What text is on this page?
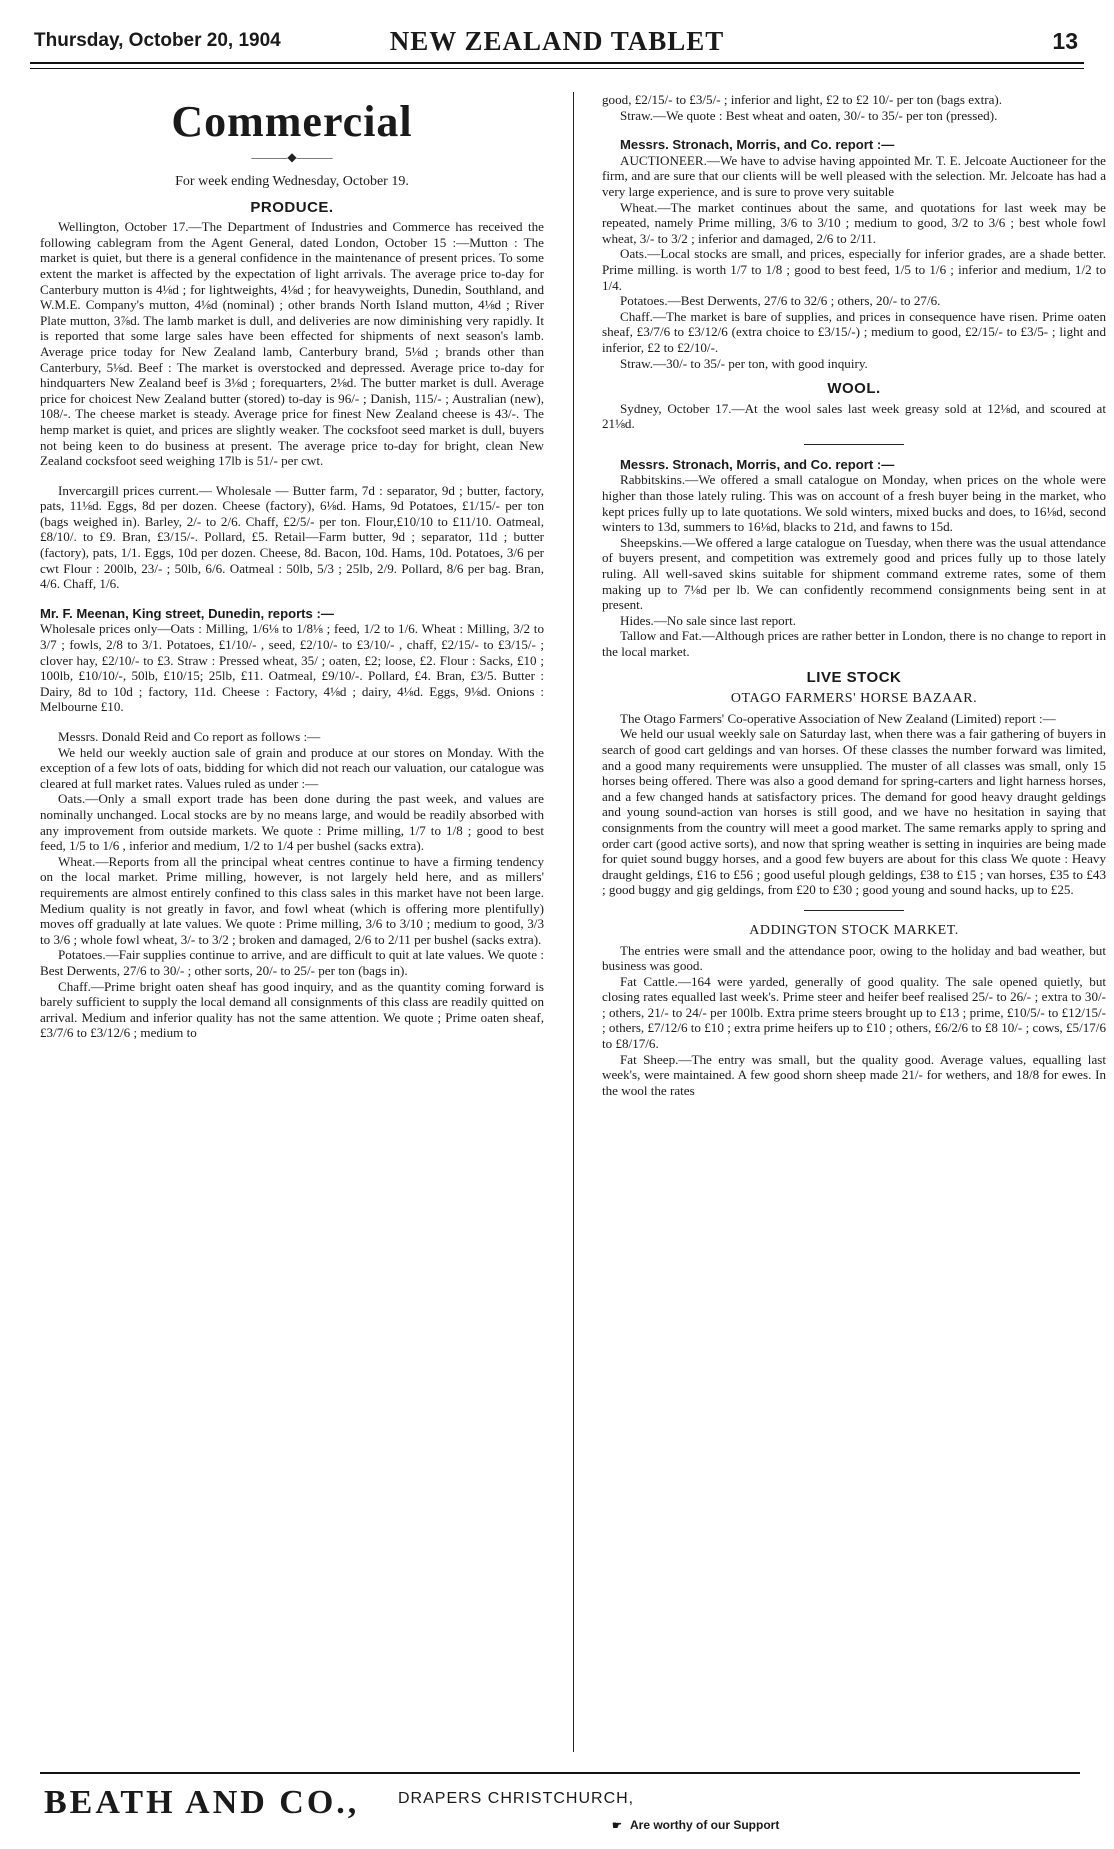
Thursday, October 20, 1904	NEW ZEALAND TABLET	13
Commercial
———◆———

For week ending Wednesday, October 19.

PRODUCE.

Wellington, October 17.—The Department of Industries and Commerce has received the following cablegram from the Agent General, dated London, October 15 :—Mutton : The market is quiet, but there is a general confidence in the maintenance of present prices. To some extent the market is affected by the expectation of light arrivals. The average price to-day for Canterbury mutton is 4⅛d ; for lightweights, 4⅛d ; for heavyweights, Dunedin, Southland, and W.M.E. Company's mutton, 4⅛d (nominal) ; other brands North Island mutton, 4⅛d ; River Plate mutton, 3⅞d. The lamb market is dull, and deliveries are now diminishing very rapidly. It is reported that some large sales have been effected for shipments of next season's lamb. Average price today for New Zealand lamb, Canterbury brand, 5⅛d ; brands other than Canterbury, 5⅛d. Beef : The market is overstocked and depressed. Average price to-day for hindquarters New Zealand beef is 3⅛d ; forequarters, 2⅛d. The butter market is dull. Average price for choicest New Zealand butter (stored) to-day is 96/- ; Danish, 115/- ; Australian (new), 108/-. The cheese market is steady. Average price for finest New Zealand cheese is 43/-. The hemp market is quiet, and prices are slightly weaker. The cocksfoot seed market is dull, buyers not being keen to do business at present. The average price to-day for bright, clean New Zealand cocksfoot seed weighing 17lb is 51/- per cwt.

Invercargill prices current.— Wholesale — Butter farm, 7d : separator, 9d ; butter, factory, pats, 11⅛d. Eggs, 8d per dozen. Cheese (factory), 6⅛d. Hams, 9d Potatoes, £1/15/- per ton (bags weighed in). Barley, 2/- to 2/6. Chaff, £2/5/- per ton. Flour,£10/10 to £11/10. Oatmeal, £8/10/. to £9. Bran, £3/15/-. Pollard, £5. Retail—Farm butter, 9d ; separator, 11d ; butter (factory), pats, 1/1. Eggs, 10d per dozen. Cheese, 8d. Bacon, 10d. Hams, 10d. Potatoes, 3/6 per cwt Flour : 200lb, 23/- ; 50lb, 6/6. Oatmeal : 50lb, 5/3 ; 25lb, 2/9. Pollard, 8/6 per bag. Bran, 4/6. Chaff, 1/6.

Mr. F. Meenan, King street, Dunedin, reports :—

Wholesale prices only—Oats : Milling, 1/6⅛ to 1/8⅛ ; feed, 1/2 to 1/6. Wheat : Milling, 3/2 to 3/7 ; fowls, 2/8 to 3/1. Potatoes, £1/10/- , seed, £2/10/- to £3/10/- , chaff, £2/15/- to £3/15/- ; clover hay, £2/10/- to £3. Straw : Pressed wheat, 35/ ; oaten, £2; loose, £2. Flour : Sacks, £10 ; 100lb, £10/10/-, 50lb, £10/15; 25lb, £11. Oatmeal, £9/10/-. Pollard, £4. Bran, £3/5. Butter : Dairy, 8d to 10d ; factory, 11d. Cheese : Factory, 4⅛d ; dairy, 4⅛d. Eggs, 9⅛d. Onions : Melbourne £10.

Messrs. Donald Reid and Co report as follows :—

We held our weekly auction sale of grain and produce at our stores on Monday. With the exception of a few lots of oats, bidding for which did not reach our valuation, our catalogue was cleared at full market rates. Values ruled as under :—

Oats.—Only a small export trade has been done during the past week, and values are nominally unchanged. Local stocks are by no means large, and would be readily absorbed with any improvement from outside markets. We quote : Prime milling, 1/7 to 1/8 ; good to best feed, 1/5 to 1/6 , inferior and medium, 1/2 to 1/4 per bushel (sacks extra).

Wheat.—Reports from all the principal wheat centres continue to have a firming tendency on the local market. Prime milling, however, is not largely held here, and as millers' requirements are almost entirely confined to this class sales in this market have not been large. Medium quality is not greatly in favor, and fowl wheat (which is offering more plentifully) moves off gradually at late values. We quote : Prime milling, 3/6 to 3/10 ; medium to good, 3/3 to 3/6 ; whole fowl wheat, 3/- to 3/2 ; broken and damaged, 2/6 to 2/11 per bushel (sacks extra).

Potatoes.—Fair supplies continue to arrive, and are difficult to quit at late values. We quote : Best Derwents, 27/6 to 30/- ; other sorts, 20/- to 25/- per ton (bags in).

Chaff.—Prime bright oaten sheaf has good inquiry, and as the quantity coming forward is barely sufficient to supply the local demand all consignments of this class are readily quitted on arrival. Medium and inferior quality has not the same attention. We quote ; Prime oaten sheaf, £3/7/6 to £3/12/6 ; medium to

good, £2/15/- to £3/5/- ; inferior and light, £2 to £2 10/- per ton (bags extra).

Straw.—We quote : Best wheat and oaten, 30/- to 35/- per ton (pressed).

Messrs. Stronach, Morris, and Co. report :—

AUCTIONEER.—We have to advise having appointed Mr. T. E. Jelcoate Auctioneer for the firm, and are sure that our clients will be well pleased with the selection. Mr. Jelcoate has had a very large experience, and is sure to prove very suitable

Wheat.—The market continues about the same, and quotations for last week may be repeated, namely Prime milling, 3/6 to 3/10 ; medium to good, 3/2 to 3/6 ; best whole fowl wheat, 3/- to 3/2 ; inferior and damaged, 2/6 to 2/11.

Oats.—Local stocks are small, and prices, especially for inferior grades, are a shade better. Prime milling. is worth 1/7 to 1/8 ; good to best feed, 1/5 to 1/6 ; inferior and medium, 1/2 to 1/4.

Potatoes.—Best Derwents, 27/6 to 32/6 ; others, 20/- to 27/6.

Chaff.—The market is bare of supplies, and prices in consequence have risen. Prime oaten sheaf, £3/7/6 to £3/12/6 (extra choice to £3/15/-) ; medium to good, £2/15/- to £3/5- ; light and inferior, £2 to £2/10/-.

Straw.—30/- to 35/- per ton, with good inquiry.

WOOL.

Sydney, October 17.—At the wool sales last week greasy sold at 12⅛d, and scoured at 21⅛d.

Messrs. Stronach, Morris, and Co. report :—

Rabbitskins.—We offered a small catalogue on Monday, when prices on the whole were higher than those lately ruling. This was on account of a fresh buyer being in the market, who kept prices fully up to late quotations. We sold winters, mixed bucks and does, to 16⅛d, second winters to 13d, summers to 16⅛d, blacks to 21d, and fawns to 15d.

Sheepskins.—We offered a large catalogue on Tuesday, when there was the usual attendance of buyers present, and competition was extremely good and prices fully up to those lately ruling. All well-saved skins suitable for shipment command extreme rates, some of them making up to 7⅛d per lb. We can confidently recommend consignments being sent in at present.

Hides.—No sale since last report.

Tallow and Fat.—Although prices are rather better in London, there is no change to report in the local market.

LIVE STOCK
OTAGO FARMERS' HORSE BAZAAR.

The Otago Farmers' Co-operative Association of New Zealand (Limited) report :—

We held our usual weekly sale on Saturday last, when there was a fair gathering of buyers in search of good cart geldings and van horses. Of these classes the number forward was limited, and a good many requirements were unsupplied. The muster of all classes was small, only 15 horses being offered. There was also a good demand for spring-carters and light harness horses, and a few changed hands at satisfactory prices. The demand for good heavy draught geldings and young sound-action van horses is still good, and we have no hesitation in saying that consignments from the country will meet a good market. The same remarks apply to spring and order cart (good active sorts), and now that spring weather is setting in inquiries are being made for quiet sound buggy horses, and a good few buyers are about for this class We quote : Heavy draught geldings, £16 to £56 ; good useful plough geldings, £38 to £15 ; van horses, £35 to £43 ; good buggy and gig geldings, from £20 to £30 ; good young and sound hacks, up to £25.

ADDINGTON STOCK MARKET.

The entries were small and the attendance poor, owing to the holiday and bad weather, but business was good.

Fat Cattle.—164 were yarded, generally of good quality. The sale opened quietly, but closing rates equalled last week's. Prime steer and heifer beef realised 25/- to 26/- ; extra to 30/- ; others, 21/- to 24/- per 100lb. Extra prime steers brought up to £13 ; prime, £10/5/- to £12/15/- ; others, £7/12/6 to £10 ; extra prime heifers up to £10 ; others, £6/2/6 to £8 10/- ; cows, £5/17/6 to £8/17/6.

Fat Sheep.—The entry was small, but the quality good. Average values, equalling last week's, were maintained. A few good shorn sheep made 21/- for wethers, and 18/8 for ewes. In the wool the rates

BEATH AND CO., DRAPERS CHRISTCHURCH,
☛ Are worthy of our Support
